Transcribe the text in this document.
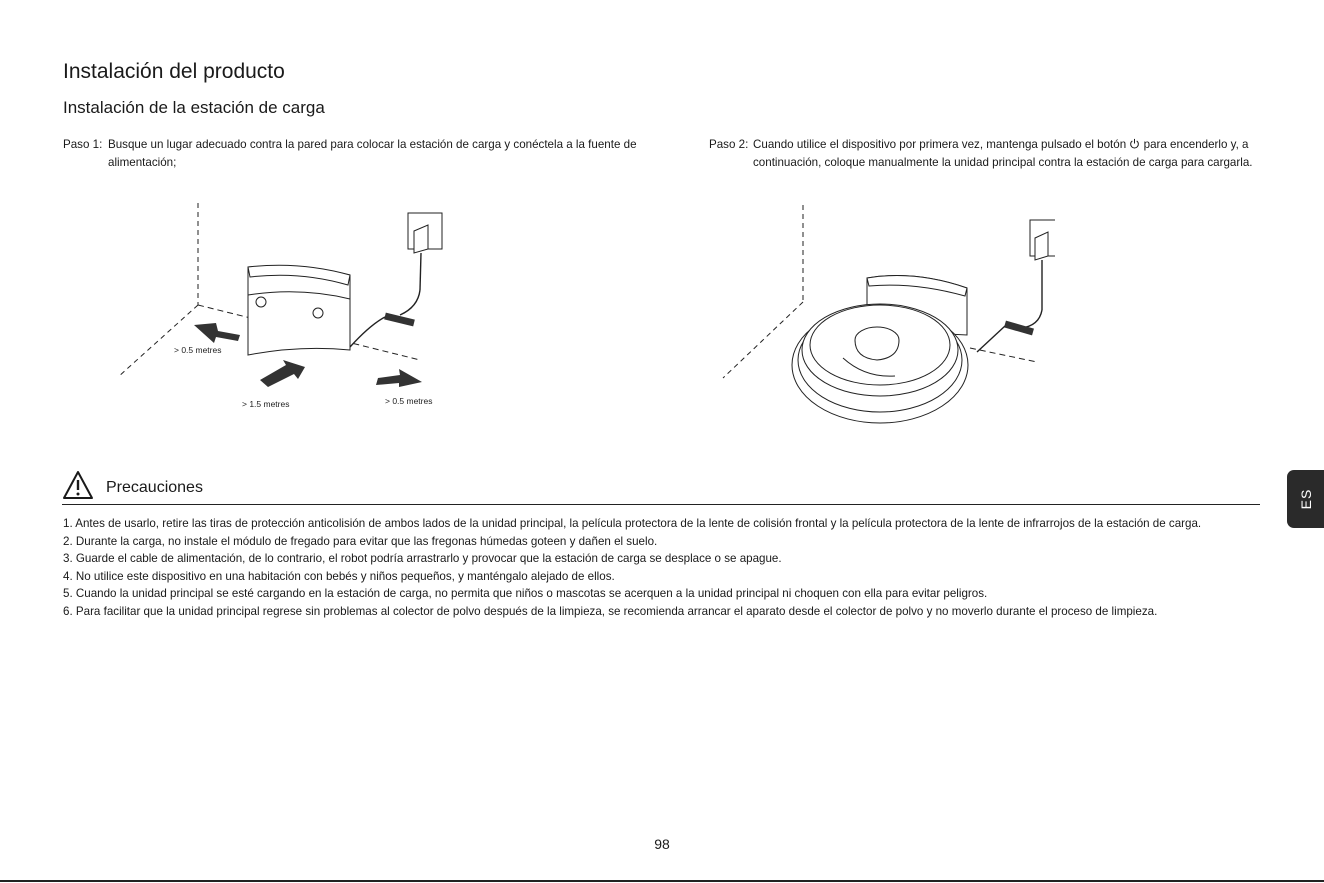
Instalación del producto
Instalación de la estación de carga
Paso 1: Busque un lugar adecuado contra la pared para colocar la estación de carga y conéctela a la fuente de alimentación;
Paso 2: Cuando utilice el dispositivo por primera vez, mantenga pulsado el botón para encenderlo y, a continuación, coloque manualmente la unidad principal contra la estación de carga para cargarla.
> 0.5 metres
> 1.5 metres	> 0.5 metres
Precauciones
1. Antes de usarlo, retire las tiras de protección anticolisión de ambos lados de la unidad principal, la película protectora de la lente de colisión frontal y la película protectora de la lente de infrarrojos de la estación de carga.
2. Durante la carga, no instale el módulo de fregado para evitar que las fregonas húmedas goteen y dañen el suelo.
3. Guarde el cable de alimentación, de lo contrario, el robot podría arrastrarlo y provocar que la estación de carga se desplace o se apague.
4. No utilice este dispositivo en una habitación con bebés y niños pequeños, y manténgalo alejado de ellos.
5. Cuando la unidad principal se esté cargando en la estación de carga, no permita que niños o mascotas se acerquen a la unidad principal ni choquen con ella para evitar peligros.
6. Para facilitar que la unidad principal regrese sin problemas al colector de polvo después de la limpieza, se recomienda arrancar el aparato desde el colector de polvo y no moverlo durante el proceso de limpieza.
ES
98
